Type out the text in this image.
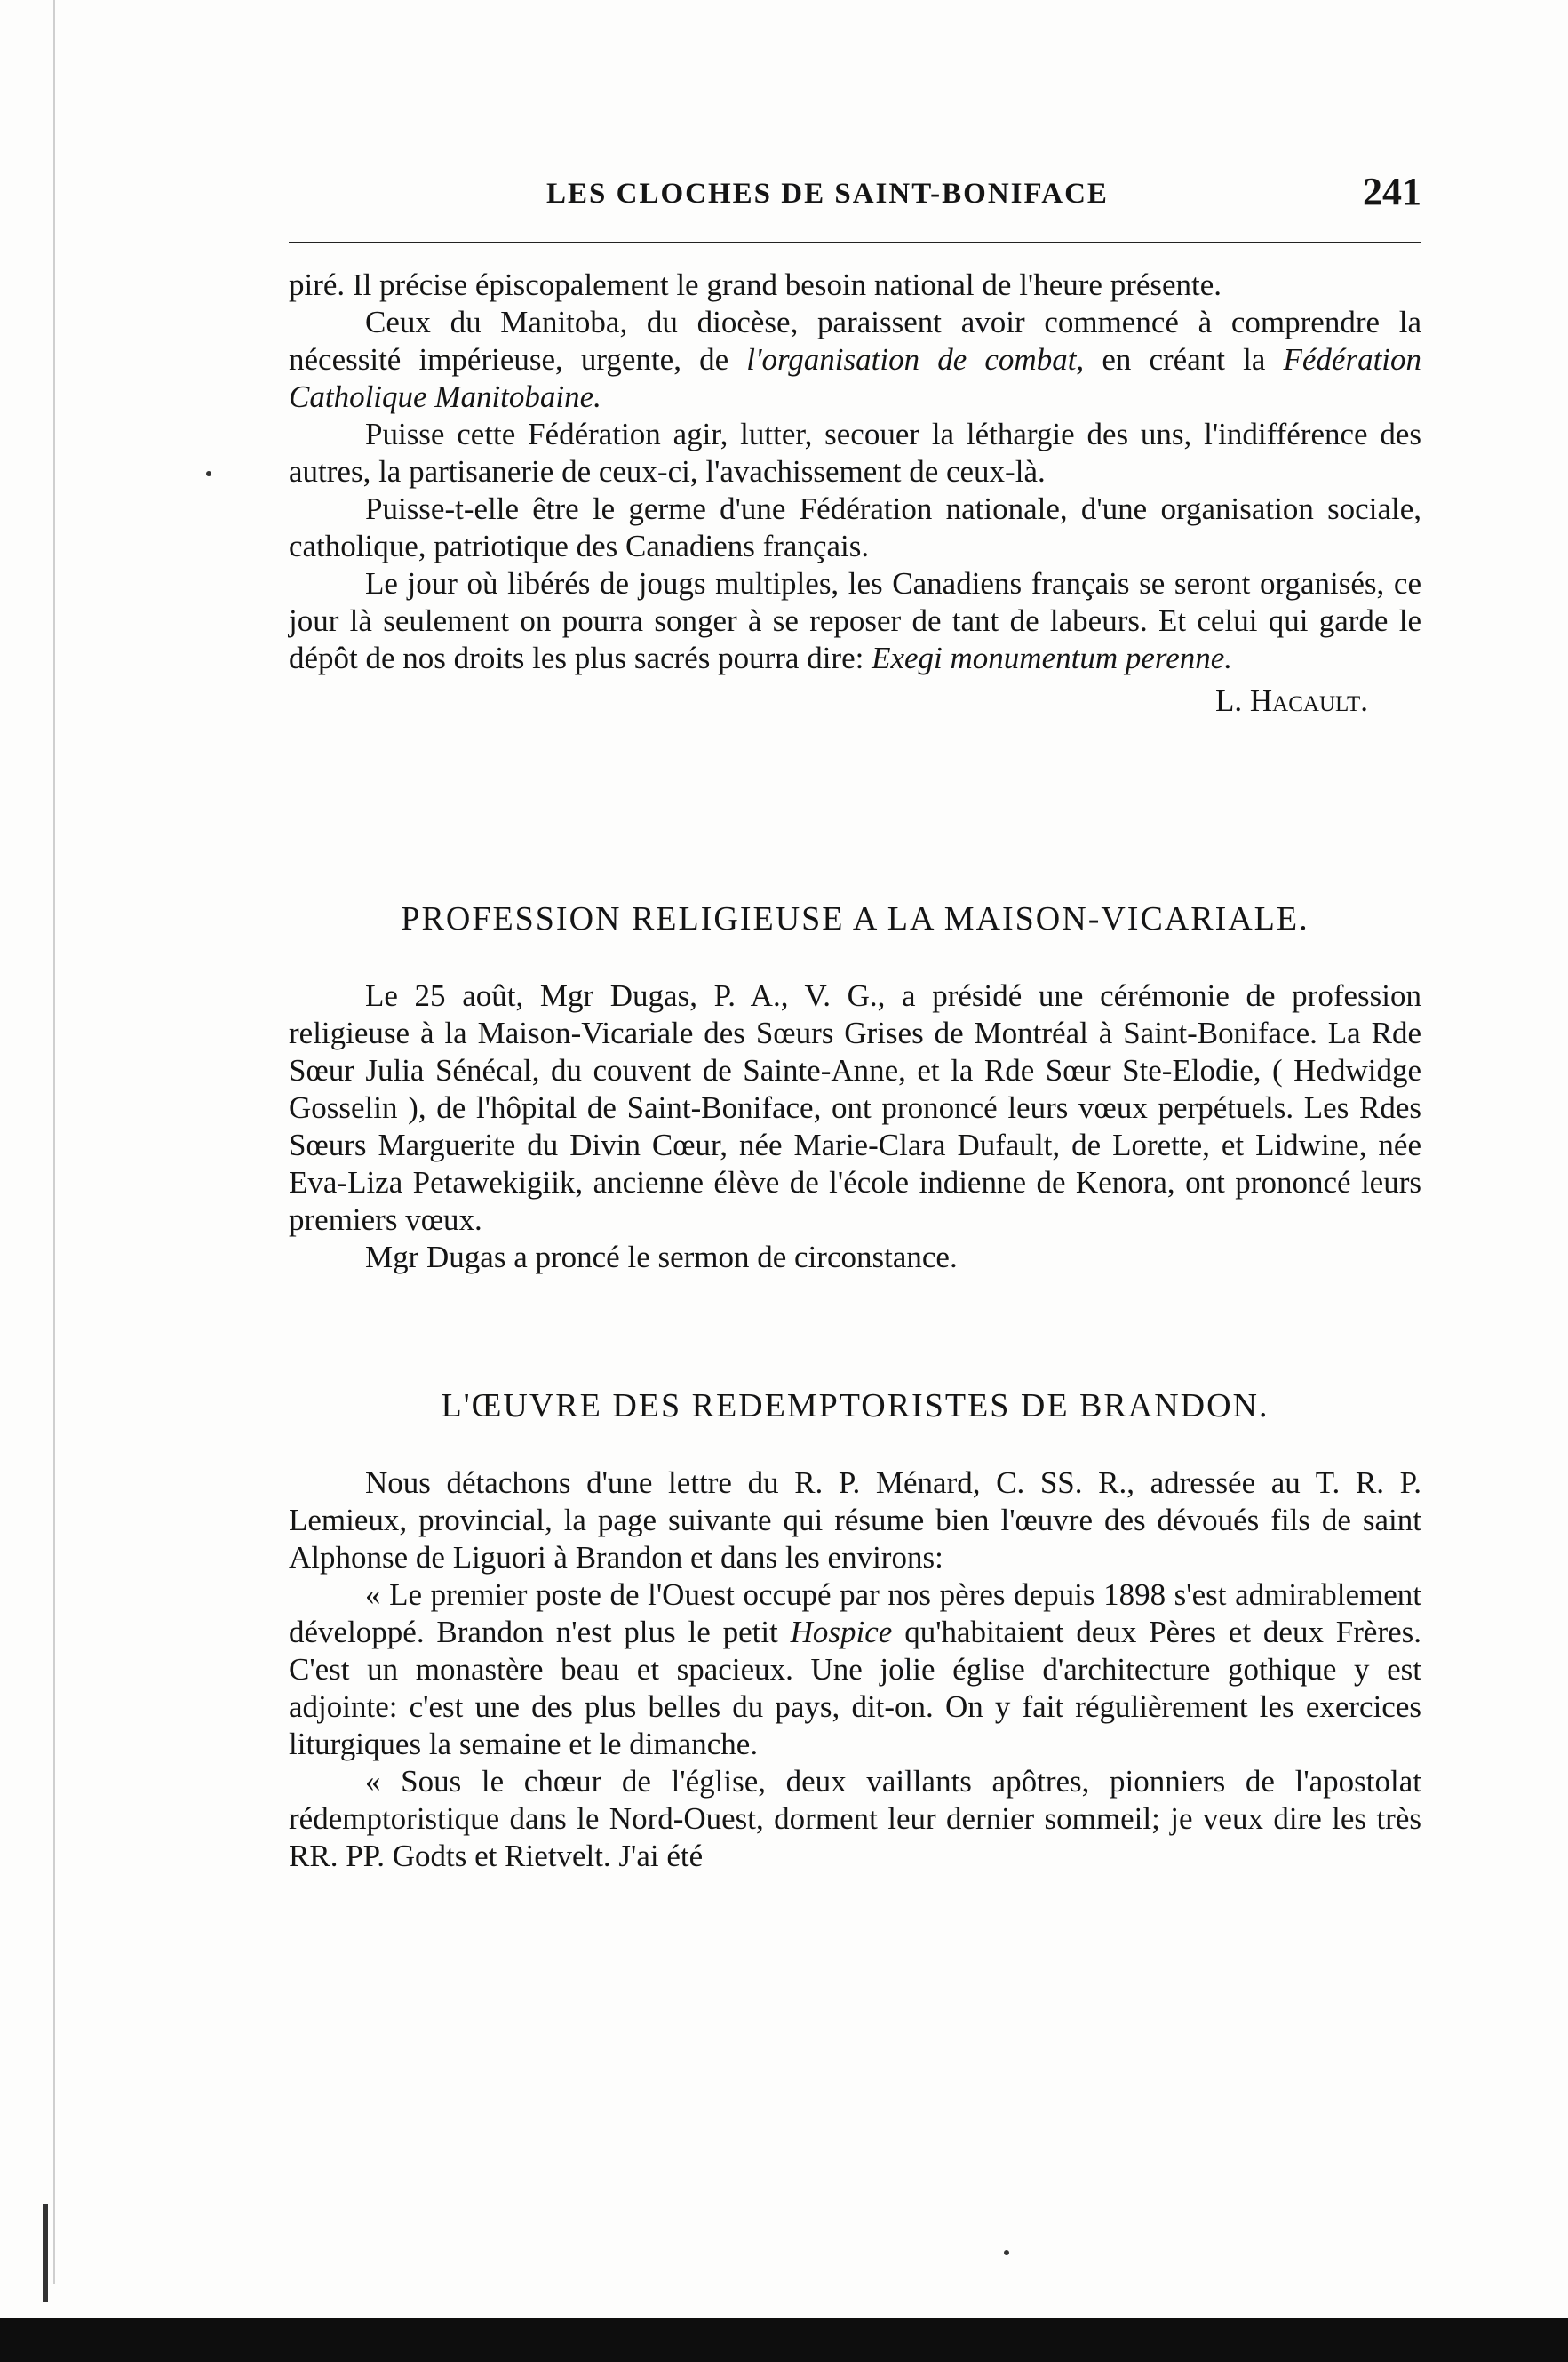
LES CLOCHES DE SAINT-BONIFACE	241

piré. Il précise épiscopalement le grand besoin national de l'heure présente.

Ceux du Manitoba, du diocèse, paraissent avoir commencé à comprendre la nécessité impérieuse, urgente, de l'organisation de combat, en créant la Fédération Catholique Manitobaine.

Puisse cette Fédération agir, lutter, secouer la léthargie des uns, l'indifférence des autres, la partisanerie de ceux-ci, l'avachissement de ceux-là.

Puisse-t-elle être le germe d'une Fédération nationale, d'une organisation sociale, catholique, patriotique des Canadiens français.

Le jour où libérés de jougs multiples, les Canadiens français se seront organisés, ce jour là seulement on pourra songer à se reposer de tant de labeurs. Et celui qui garde le dépôt de nos droits les plus sacrés pourra dire: Exegi monumentum perenne.

L. Hacault.

PROFESSION RELIGIEUSE A LA MAISON-VICARIALE.

Le 25 août, Mgr Dugas, P. A., V. G., a présidé une cérémonie de profession religieuse à la Maison-Vicariale des Sœurs Grises de Montréal à Saint-Boniface. La Rde Sœur Julia Sénécal, du couvent de Sainte-Anne, et la Rde Sœur Ste-Elodie, ( Hedwidge Gosselin ), de l'hôpital de Saint-Boniface, ont prononcé leurs vœux perpétuels. Les Rdes Sœurs Marguerite du Divin Cœur, née Marie-Clara Dufault, de Lorette, et Lidwine, née Eva-Liza Petawekigiik, ancienne élève de l'école indienne de Kenora, ont prononcé leurs premiers vœux.

Mgr Dugas a proncé le sermon de circonstance.

L'ŒUVRE DES REDEMPTORISTES DE BRANDON.

Nous détachons d'une lettre du R. P. Ménard, C. SS. R., adressée au T. R. P. Lemieux, provincial, la page suivante qui résume bien l'œuvre des dévoués fils de saint Alphonse de Liguori à Brandon et dans les environs:

« Le premier poste de l'Ouest occupé par nos pères depuis 1898 s'est admirablement développé. Brandon n'est plus le petit Hospice qu'habitaient deux Pères et deux Frères. C'est un monastère beau et spacieux. Une jolie église d'architecture gothique y est adjointe: c'est une des plus belles du pays, dit-on. On y fait régulièrement les exercices liturgiques la semaine et le dimanche.

« Sous le chœur de l'église, deux vaillants apôtres, pionniers de l'apostolat rédemptoristique dans le Nord-Ouest, dorment leur dernier sommeil; je veux dire les très RR. PP. Godts et Rietvelt. J'ai été
